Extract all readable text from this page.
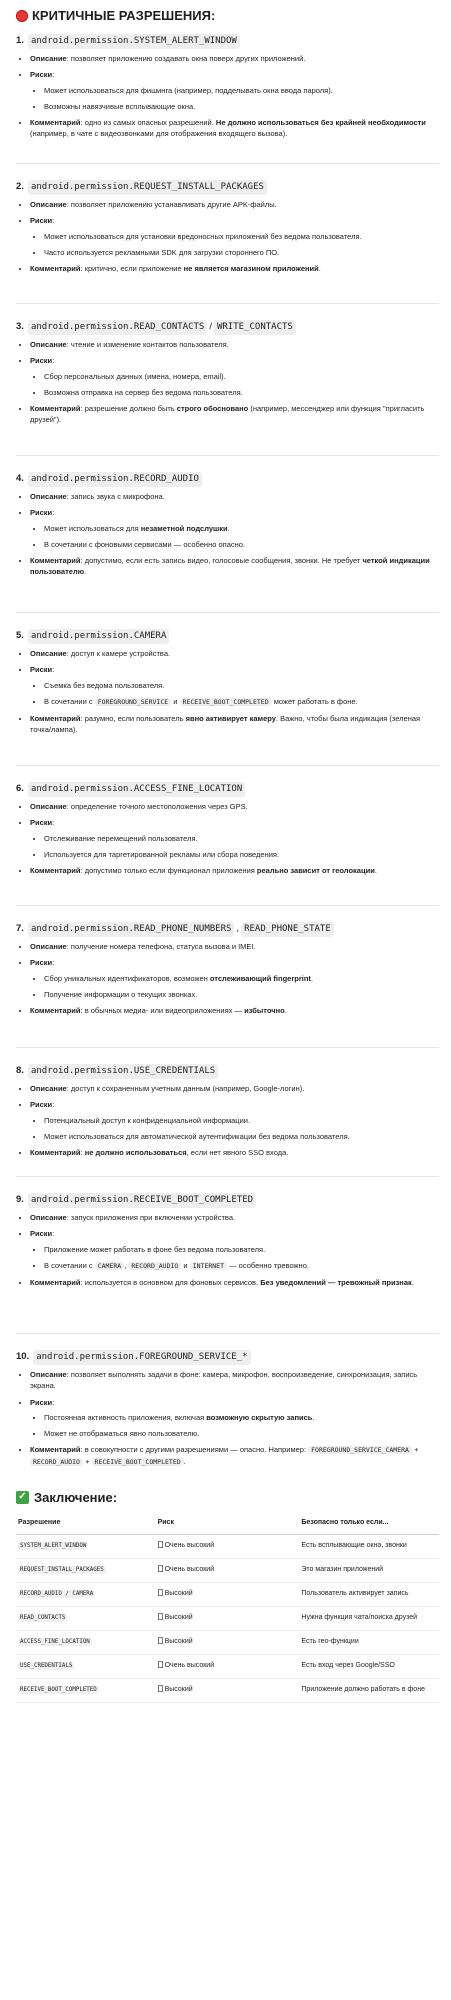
КРИТИЧНЫЕ РАЗРЕШЕНИЯ:
1. android.permission.SYSTEM_ALERT_WINDOW
• Описание: позволяет приложению создавать окна поверх других приложений.
• Риски:
• Может использоваться для фишинга (например, подделывать окна ввода пароля).
• Возможны навязчивые всплывающие окна.
• Комментарий: одно из самых опасных разрешений. Не должно использоваться без крайней необходимости (например, в чате с видеозвонками для отображения входящего вызова).
2. android.permission.REQUEST_INSTALL_PACKAGES
• Описание: позволяет приложению устанавливать другие APK-файлы.
• Риски:
• Может использоваться для установки вредоносных приложений без ведома пользователя.
• Часто используется рекламными SDK для загрузки стороннего ПО.
• Комментарий: критично, если приложение не является магазином приложений.
3. android.permission.READ_CONTACTS / WRITE_CONTACTS
• Описание: чтение и изменение контактов пользователя.
• Риски:
• Сбор персональных данных (имена, номера, email).
• Возможна отправка на сервер без ведома пользователя.
• Комментарий: разрешение должно быть строго обосновано (например, мессенджер или функция "пригласить друзей").
4. android.permission.RECORD_AUDIO
• Описание: запись звука с микрофона.
• Риски:
• Может использоваться для незаметной подслушки.
• В сочетании с фоновыми сервисами — особенно опасно.
• Комментарий: допустимо, если есть запись видео, голосовые сообщения, звонки. Не требует четкой индикации пользователю.
5. android.permission.CAMERA
• Описание: доступ к камере устройства.
• Риски:
• Съемка без ведома пользователя.
• В сочетании с FOREGROUND_SERVICE и RECEIVE_BOOT_COMPLETED может работать в фоне.
• Комментарий: разумно, если пользователь явно активирует камеру. Важно, чтобы была индикация (зеленая точка/лампа).
6. android.permission.ACCESS_FINE_LOCATION
• Описание: определение точного местоположения через GPS.
• Риски:
• Отслеживание перемещений пользователя.
• Используется для таргетированной рекламы или сбора поведения.
• Комментарий: допустимо только если функционал приложения реально зависит от геолокации.
7. android.permission.READ_PHONE_NUMBERS , READ_PHONE_STATE
• Описание: получение номера телефона, статуса вызова и IMEI.
• Риски:
• Сбор уникальных идентификаторов, возможен отслеживающий fingerprint.
• Получение информации о текущих звонках.
• Комментарий: в обычных медиа- или видеоприложениях — избыточно.
8. android.permission.USE_CREDENTIALS
• Описание: доступ к сохраненным учетным данным (например, Google-логин).
• Риски:
• Потенциальный доступ к конфиденциальной информации.
• Может использоваться для автоматической аутентификации без ведома пользователя.
• Комментарий: не должно использоваться, если нет явного SSO входа.
9. android.permission.RECEIVE_BOOT_COMPLETED
• Описание: запуск приложения при включении устройства.
• Риски:
• Приложение может работать в фоне без ведома пользователя.
• В сочетании с CAMERA , RECORD_AUDIO и INTERNET — особенно тревожно.
• Комментарий: используется в основном для фоновых сервисов. Без уведомлений — тревожный признак.
10. android.permission.FOREGROUND_SERVICE_*
• Описание: позволяет выполнять задачи в фоне: камера, микрофон, воспроизведение, синхронизация, запись экрана.
• Риски:
• Постоянная активность приложения, включая возможную скрытую запись.
• Может не отображаться явно пользователю.
• Комментарий: в совокупности с другими разрешениями — опасно. Например: FOREGROUND_SERVICE_CAMERA + RECORD_AUDIO + RECEIVE_BOOT_COMPLETED .
✓ Заключение:
Разрешение	Риск	Безопасно только если...
SYSTEM_ALERT_WINDOW	Очень высокий	Есть всплывающие окна, звонки
REQUEST_INSTALL_PACKAGES	Очень высокий	Это магазин приложений
RECORD_AUDIO / CAMERA	Высокий	Пользователь активирует запись
READ_CONTACTS	Высокий	Нужна функция чата/поиска друзей
ACCESS_FINE_LOCATION	Высокий	Есть гео-функции
USE_CREDENTIALS	Очень высокий	Есть вход через Google/SSO
RECEIVE_BOOT_COMPLETED	Высокий	Приложение должно работать в фоне
